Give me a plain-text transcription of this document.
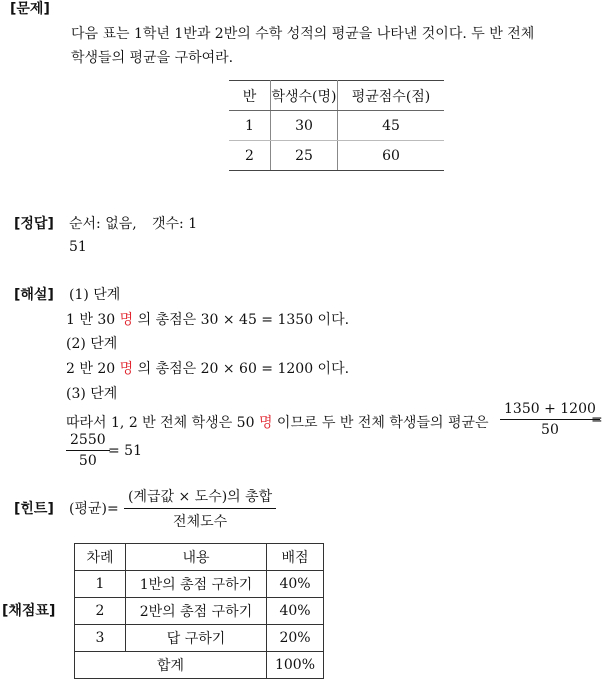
[문제]
다음 표는 1학년 1반과 2반의 수학 성적의 평균을 나타낸 것이다. 두 반 전체
학생들의 평균을 구하여라.
반	학생수(명)	평균점수(점)
1	30	45
2	25	60
[정답] 순서: 없음, 갯수: 1
51
[해설] (1) 단계
1 반 30 명 의 총점은 30 × 45 = 1350 이다.
(2) 단계
2 반 20 명 의 총점은 20 × 60 = 1200 이다.
(3) 단계
따라서 1, 2 반 전체 학생은 50 명 이므로 두 반 전체 학생들의 평균은 $\frac{1350 + 1200}{50}$
=
$\frac{2550}{50}$
= 51
[힌트] (평균)= $\frac{\text{(계급값 × 도수)의 총합}}{\text{전체도수}}$
[채점표]
차례	내용	배점
1	1반의 총점 구하기	40%
2	2반의 총점 구하기	40%
3	답 구하기	20%
합계		100%
